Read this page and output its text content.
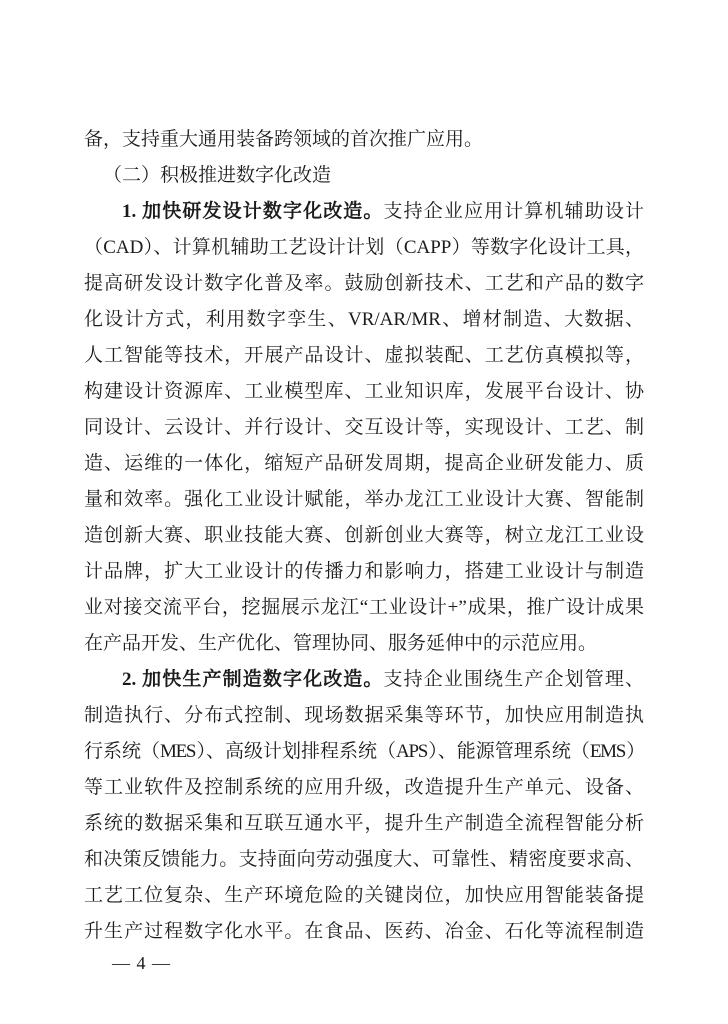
备，支持重大通用装备跨领域的首次推广应用。
（二）积极推进数字化改造
1. 加快研发设计数字化改造。支持企业应用计算机辅助设计
（CAD）、计算机辅助工艺设计计划（CAPP）等数字化设计工具，
提高研发设计数字化普及率。鼓励创新技术、工艺和产品的数字
化设计方式，利用数字孪生、VR/AR/MR、增材制造、大数据、
人工智能等技术，开展产品设计、虚拟装配、工艺仿真模拟等，
构建设计资源库、工业模型库、工业知识库，发展平台设计、协
同设计、云设计、并行设计、交互设计等，实现设计、工艺、制
造、运维的一体化，缩短产品研发周期，提高企业研发能力、质
量和效率。强化工业设计赋能，举办龙江工业设计大赛、智能制
造创新大赛、职业技能大赛、创新创业大赛等，树立龙江工业设
计品牌，扩大工业设计的传播力和影响力，搭建工业设计与制造
业对接交流平台，挖掘展示龙江“工业设计+”成果，推广设计成果
在产品开发、生产优化、管理协同、服务延伸中的示范应用。
2. 加快生产制造数字化改造。支持企业围绕生产企划管理、
制造执行、分布式控制、现场数据采集等环节，加快应用制造执
行系统（MES）、高级计划排程系统（APS）、能源管理系统（EMS）
等工业软件及控制系统的应用升级，改造提升生产单元、设备、
系统的数据采集和互联互通水平，提升生产制造全流程智能分析
和决策反馈能力。支持面向劳动强度大、可靠性、精密度要求高、
工艺工位复杂、生产环境危险的关键岗位，加快应用智能装备提
升生产过程数字化水平。在食品、医药、冶金、石化等流程制造
— 4 —
